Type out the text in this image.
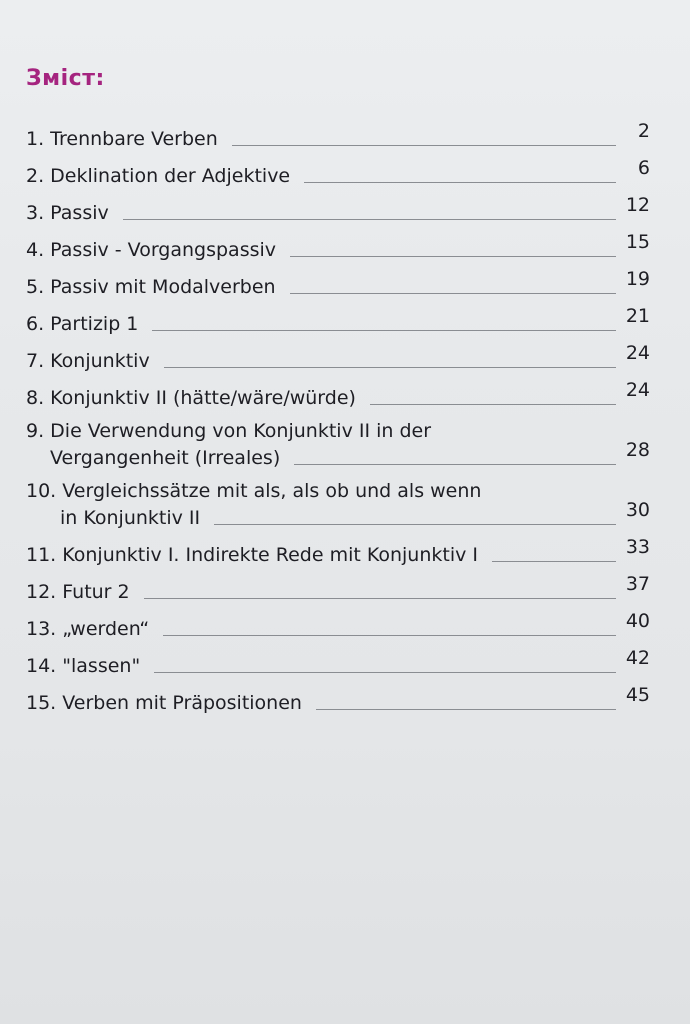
Зміст:
1. Trennbare Verben	2
2. Deklination der Adjektive	6
3. Passiv	12
4. Passiv - Vorgangspassiv	15
5. Passiv mit Modalverben	19
6. Partizip 1	21
7. Konjunktiv	24
8. Konjunktiv II (hätte/wäre/würde)	24
9. Die Verwendung von Konjunktiv II in der
Vergangenheit (Irreales)	28
10. Vergleichssätze mit als, als ob und als wenn
in Konjunktiv II	30
11. Konjunktiv I. Indirekte Rede mit Konjunktiv I	33
12. Futur 2	37
13. „werden“	40
14. "lassen"	42
15. Verben mit Präpositionen	45
